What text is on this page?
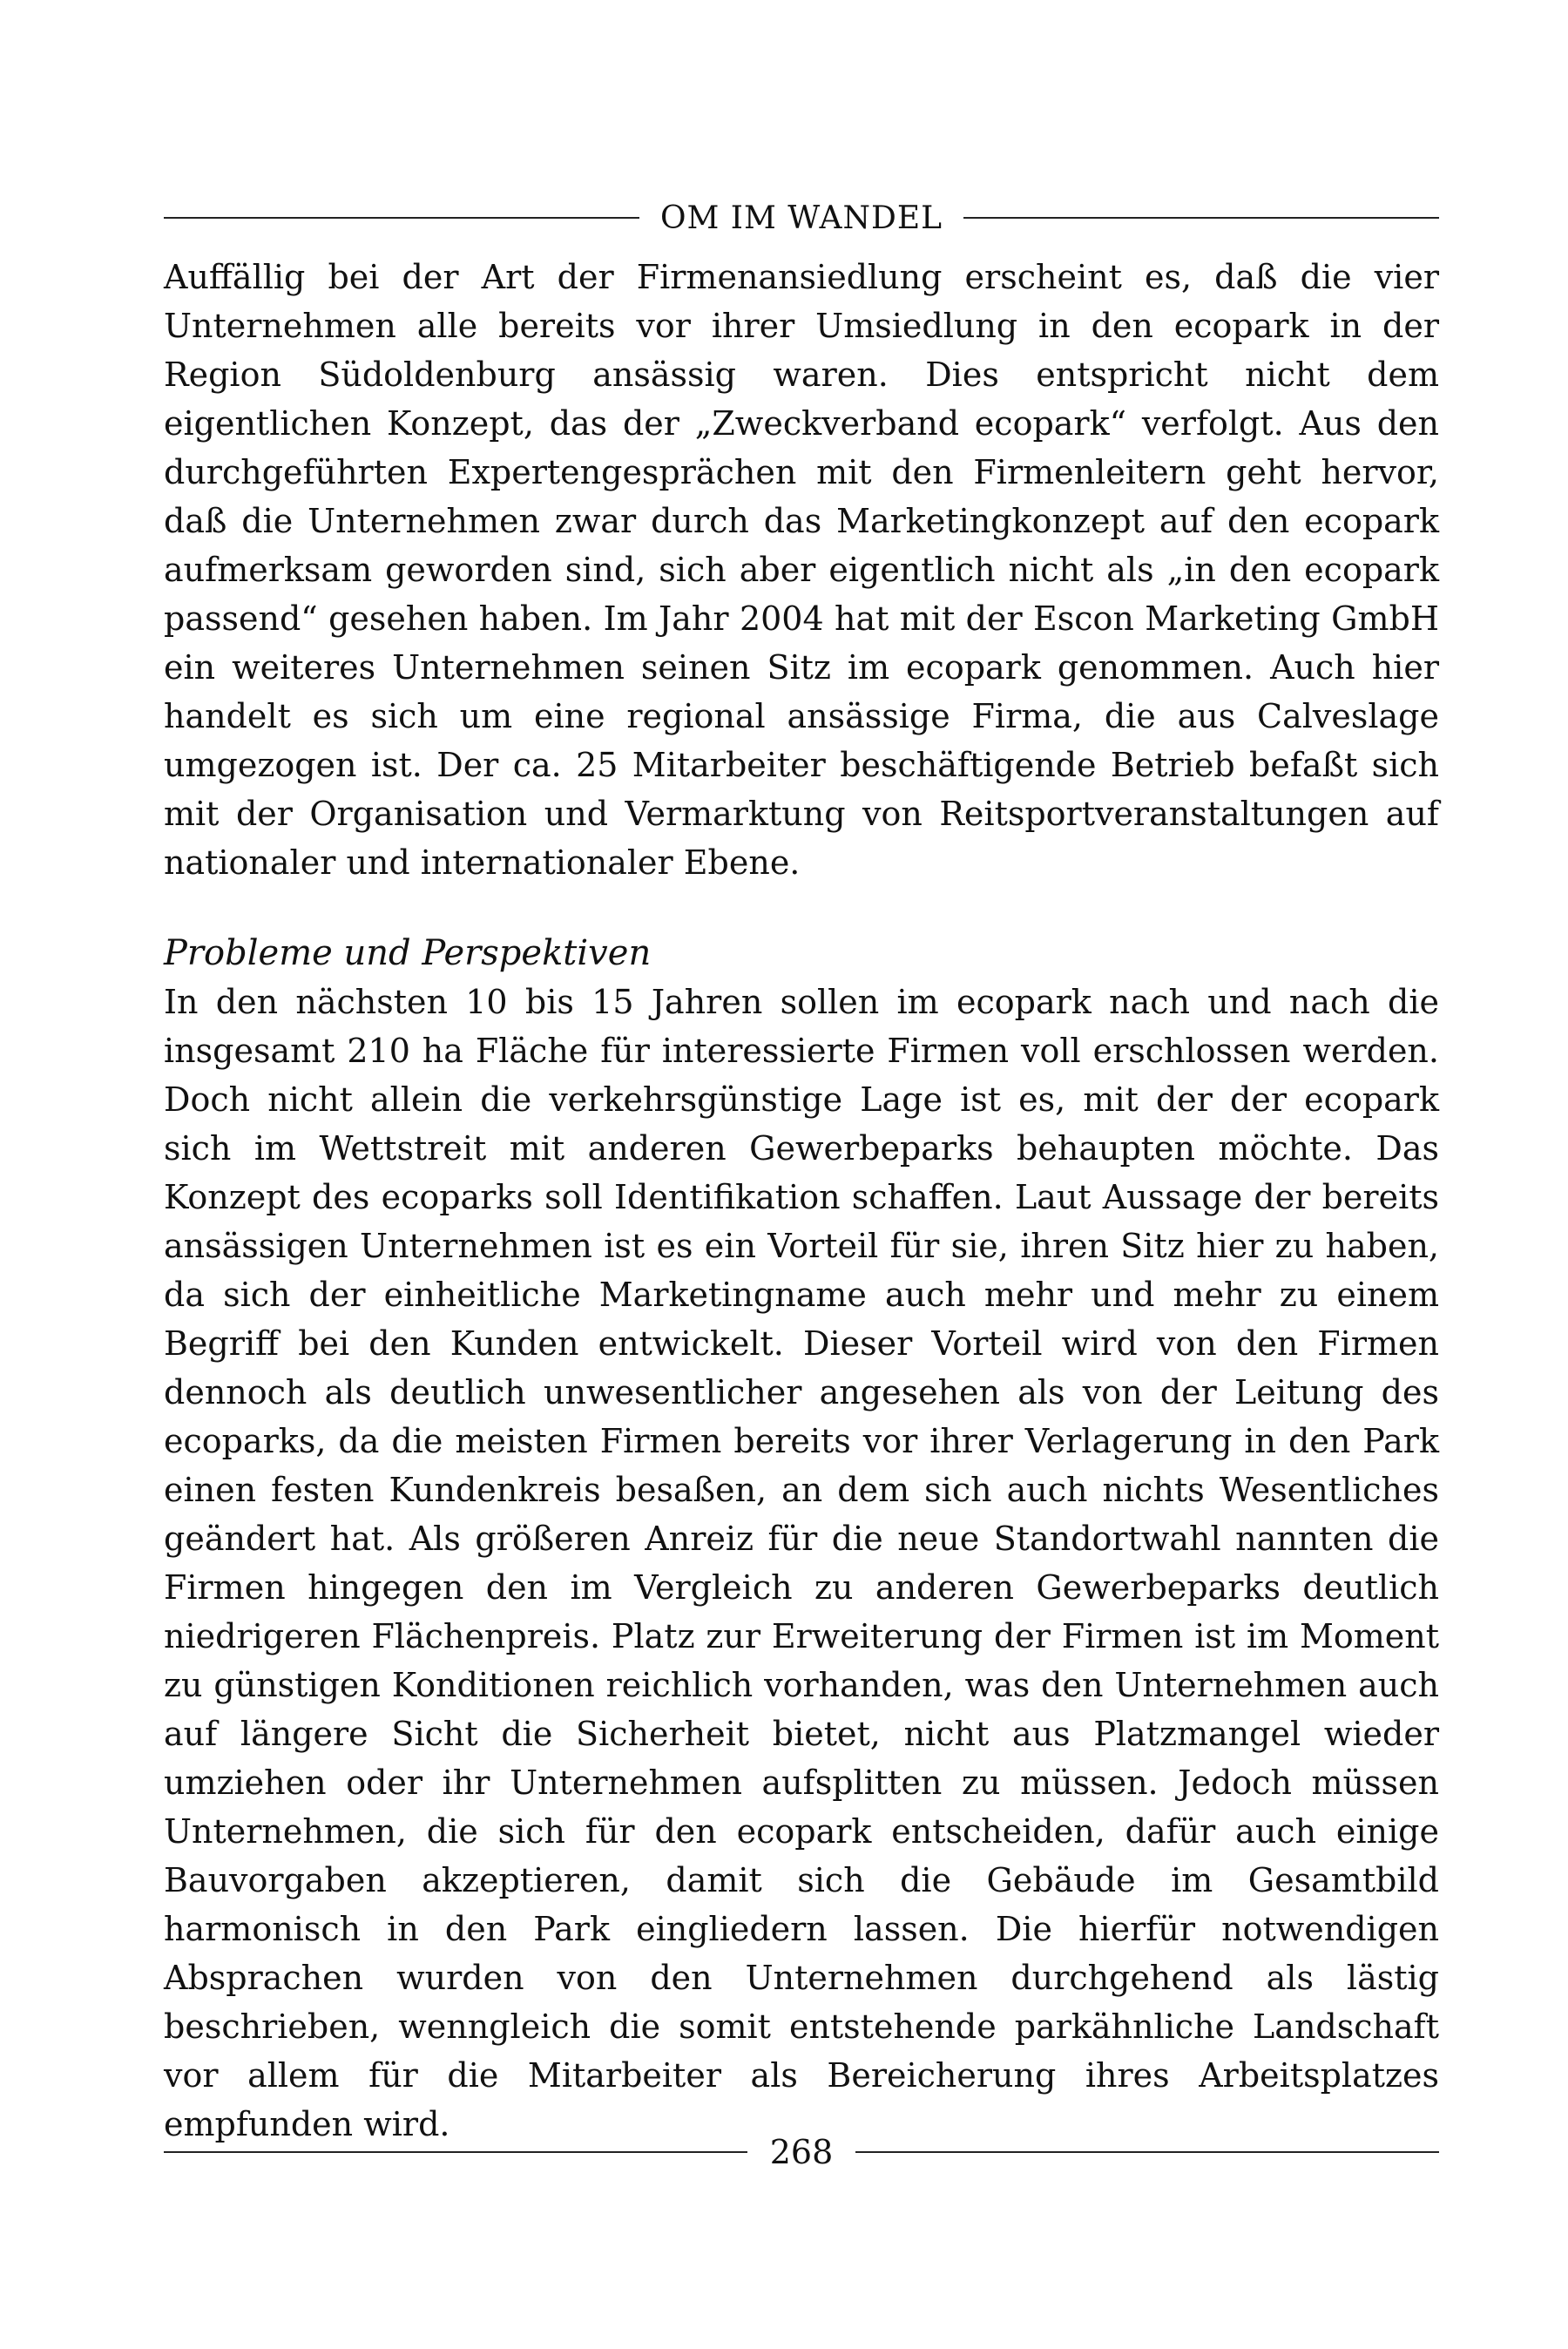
OM IM WANDEL

Auffällig bei der Art der Firmenansiedlung erscheint es, daß die vier Unternehmen alle bereits vor ihrer Umsiedlung in den ecopark in der Region Südoldenburg ansässig waren. Dies entspricht nicht dem eigentlichen Konzept, das der „Zweckverband ecopark“ verfolgt. Aus den durchgeführten Expertengesprächen mit den Firmenleitern geht hervor, daß die Unternehmen zwar durch das Marketingkonzept auf den ecopark aufmerksam geworden sind, sich aber eigentlich nicht als „in den ecopark passend“ gesehen haben. Im Jahr 2004 hat mit der Escon Marketing GmbH ein weiteres Unternehmen seinen Sitz im ecopark genommen. Auch hier handelt es sich um eine regional ansässige Firma, die aus Calveslage umgezogen ist. Der ca. 25 Mitarbeiter beschäftigende Betrieb befaßt sich mit der Organisation und Vermarktung von Reitsportveranstaltungen auf nationaler und internationaler Ebene.

Probleme und Perspektiven

In den nächsten 10 bis 15 Jahren sollen im ecopark nach und nach die insgesamt 210 ha Fläche für interessierte Firmen voll erschlossen werden. Doch nicht allein die verkehrsgünstige Lage ist es, mit der der ecopark sich im Wettstreit mit anderen Gewerbeparks behaupten möchte. Das Konzept des ecoparks soll Identifikation schaffen. Laut Aussage der bereits ansässigen Unternehmen ist es ein Vorteil für sie, ihren Sitz hier zu haben, da sich der einheitliche Marketingname auch mehr und mehr zu einem Begriff bei den Kunden entwickelt. Dieser Vorteil wird von den Firmen dennoch als deutlich unwesentlicher angesehen als von der Leitung des ecoparks, da die meisten Firmen bereits vor ihrer Verlagerung in den Park einen festen Kundenkreis besaßen, an dem sich auch nichts Wesentliches geändert hat. Als größeren Anreiz für die neue Standortwahl nannten die Firmen hingegen den im Vergleich zu anderen Gewerbeparks deutlich niedrigeren Flächenpreis. Platz zur Erweiterung der Firmen ist im Moment zu günstigen Konditionen reichlich vorhanden, was den Unternehmen auch auf längere Sicht die Sicherheit bietet, nicht aus Platzmangel wieder umziehen oder ihr Unternehmen aufsplitten zu müssen. Jedoch müssen Unternehmen, die sich für den ecopark entscheiden, dafür auch einige Bauvorgaben akzeptieren, damit sich die Gebäude im Gesamtbild harmonisch in den Park eingliedern lassen. Die hierfür notwendigen Absprachen wurden von den Unternehmen durchgehend als lästig beschrieben, wenngleich die somit entstehende parkähnliche Landschaft vor allem für die Mitarbeiter als Bereicherung ihres Arbeitsplatzes empfunden wird.

268
